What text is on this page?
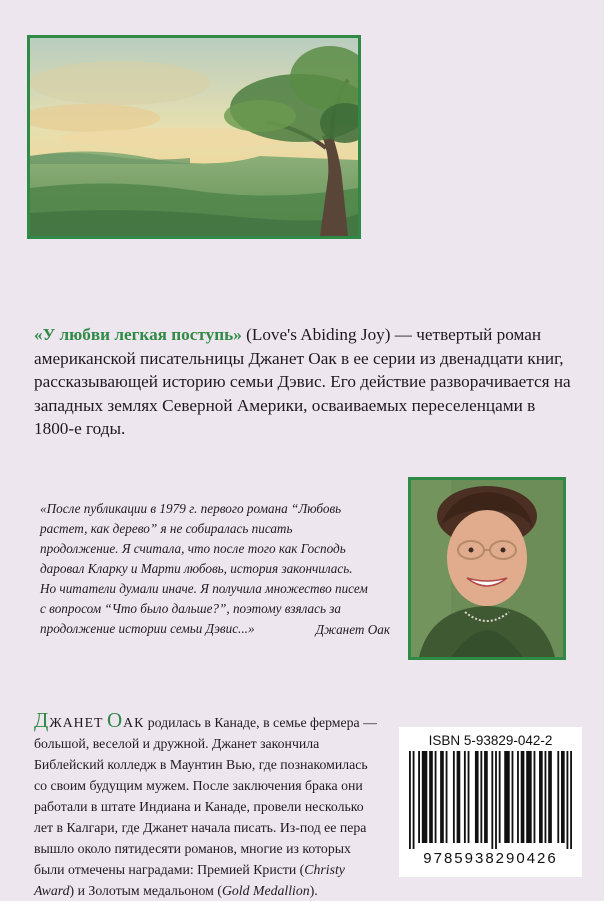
«У любви легкая поступь» (Love's Abiding Joy) — четвертый роман американской писательницы Джанет Оак в ее серии из двенадцати книг, рассказывающей историю семьи Дэвис. Его действие разворачивается на западных землях Северной Америки, осваиваемых переселенцами в 1800-е годы.
«После публикации в 1979 г. первого романа “Любовь растет, как дерево” я не собиралась писать продолжение. Я считала, что после того как Господь даровал Кларку и Марти любовь, история закончилась. Но читатели думали иначе. Я получила множество писем с вопросом “Что было дальше?”, поэтому взялась за продолжение истории семьи Дэвис...»	Джанет Оак
ДЖАНЕТ ОАК родилась в Канаде, в семье фермера — большой, веселой и дружной. Джанет закончила Библейский колледж в Маунтин Вью, где познакомилась со своим будущим мужем. После заключения брака они работали в штате Индиана и Канаде, провели несколько лет в Калгари, где Джанет начала писать. Из-под ее пера вышло около пятидесяти романов, многие из которых были отмечены наградами: Премией Кристи (Christy Award) и Золотым медальоном (Gold Medallion).
ISBN 5-93829-042-2
9785938290426
